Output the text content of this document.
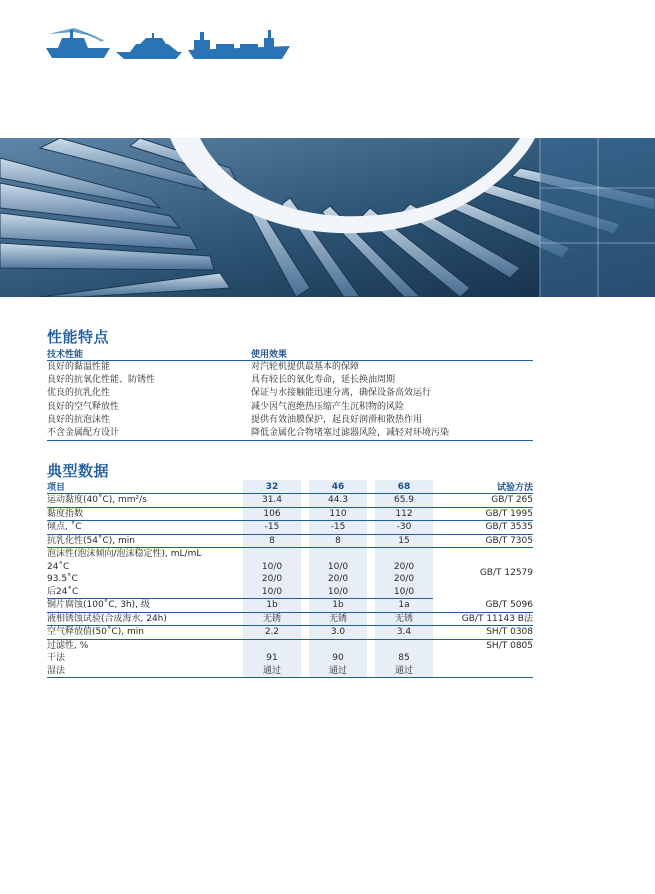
性能特点
技术性能	使用效果
良好的黏温性能	对汽轮机提供最基本的保障
良好的抗氧化性能、防锈性	具有较长的氧化寿命，延长换油周期
优良的抗乳化性	保证与水接触能迅速分离，确保设备高效运行
良好的空气释放性	减少因气泡绝热压缩产生沉积物的风险
良好的抗泡沫性	提供有效油膜保护，起良好润滑和散热作用
不含金属配方设计	降低金属化合物堵塞过滤器风险，减轻对环境污染
典型数据
项目	32		46		68	试验方法
运动黏度(40˚C), mm²/s	31.4		44.3		65.9	GB/T 265
黏度指数	106		110		112	GB/T 1995
倾点, ˚C	-15		-15		-30	GB/T 3535
抗乳化性(54˚C), min	8		8		15	GB/T 7305
泡沫性(泡沫倾向/泡沫稳定性), mL/mL						GB/T 12579
24˚C	10/0		10/0		20/0	
93.5˚C	20/0		20/0		20/0	
后24˚C	10/0		10/0		10/0	
铜片腐蚀(100˚C, 3h), 级	1b		1b		1a	GB/T 5096
液相锈蚀试验(合成海水, 24h)	无锈		无锈		无锈	GB/T 11143 B法
空气释放值(50˚C), min	2.2		3.0		3.4	SH/T 0308
过滤性, %						SH/T 0805
干法	91		90		85	
湿法	通过		通过		通过	
